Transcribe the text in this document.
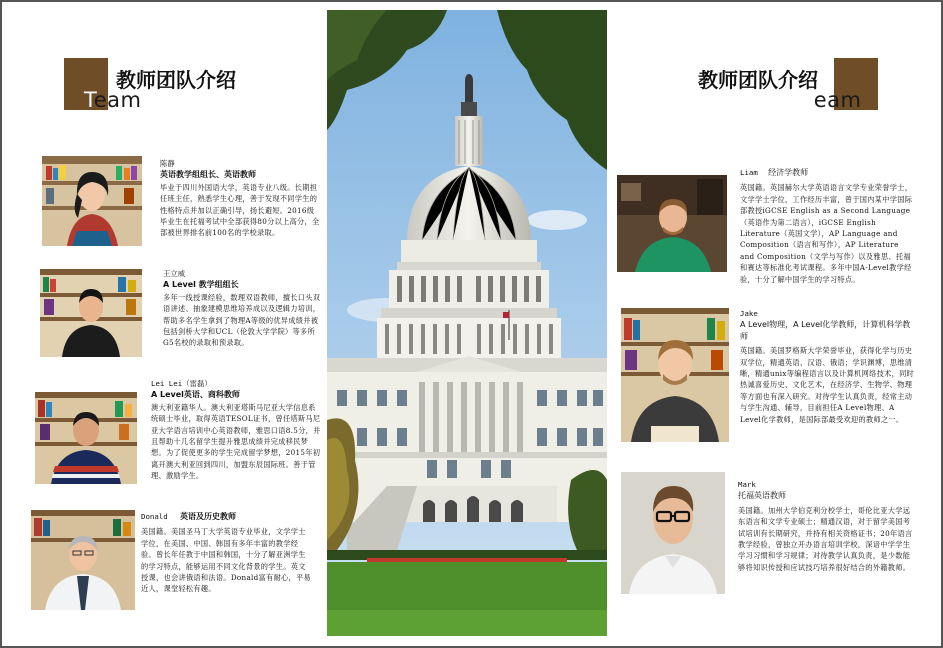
教师团队介绍
Team
教师团队介绍
Team
陈静
英语教学组组长、英语教师
毕业于四川外国语大学，英语专业八级。长期担任班主任，熟悉学生心理，善于发现不同学生的性格特点并加以正确引导，扬长避短。2016级毕业生在托福考试中全部获得80分以上高分，全部被世界排名前100名的学校录取。
王立威
A Level 教学组组长
多年一线授课经验，数理双语教师，擅长口头双语讲述、抽象建模思维培养成以及逻辑力培训，帮助多名学生拿到了物理A等级的优异成绩并被包括剑桥大学和UCL（伦敦大学学院）等多所G5名校的录取和预录取。
Lei Lei（雷磊）
A Level英语、商科教师
澳大利亚籍华人。澳大利亚塔斯马尼亚大学信息系统硕士毕业，取得英语TESOL证书，曾任塔斯马尼亚大学语言培训中心英语教师，雅思口语8.5分，并且帮助十几名留学生提升雅思成绩并完成移民梦想。为了促使更多的学生完成留学梦想，2015年初离开澳大利亚回到四川，加盟东辰国际班。善于管理、激励学生。
Donald 英语及历史教师
美国籍。美国圣马丁大学英语专业毕业，文学学士学位，在美国、中国、韩国有多年丰富的教学经验。曾长年任教于中国和韩国，十分了解亚洲学生的学习特点，能够运用不同文化背景的学生。英文授课，也会讲俄语和法语。Donald富有耐心，平易近人，课堂轻松有趣。
Liam 经济学教师
英国籍。英国赫尔大学英语语言文学专业荣誉学士，文学学士学位，工作经历丰富，曾于国内某中学国际部教授iGCSE English as a Second Language（英语作为第二语言），iGCSE English Literature（英国文学），AP Language and Composition（语言和写作），AP Literature and Composition（文学与写作）以及雅思、托福和赛达等标准化考试课程。多年中国A-Level教学经验，十分了解中国学生的学习特点。
Jake
A Level物理，A Level化学教师，计算机科学教师
英国籍。美国罗格斯大学荣誉毕业，获得化学与历史双学位，精通英语、汉语、俄语；学识渊博，思维清晰，精通unix等编程语言以及计算机网络技术，同时热诚喜爱历史、文化艺术，在经济学、生物学、物理等方面也有深入研究。对待学生认真负责，经常主动与学生沟通、辅导，目前担任A Level物理、A Level化学教师，是国际部最受欢迎的教师之一。
Mark
托福英语教师
美国籍。加州大学伯克利分校学士，哥伦比亚大学远东语言和文学专业硕士；精通汉语，对于留学美国考试培训有长期研究，并持有相关资格证书；20年语言教学经验，曾独立开办语言培训学校，深谙中学学生学习习惯和学习规律；对待教学认真负责，是少数能够将知识传授和应试技巧培养很好结合的外籍教师。
